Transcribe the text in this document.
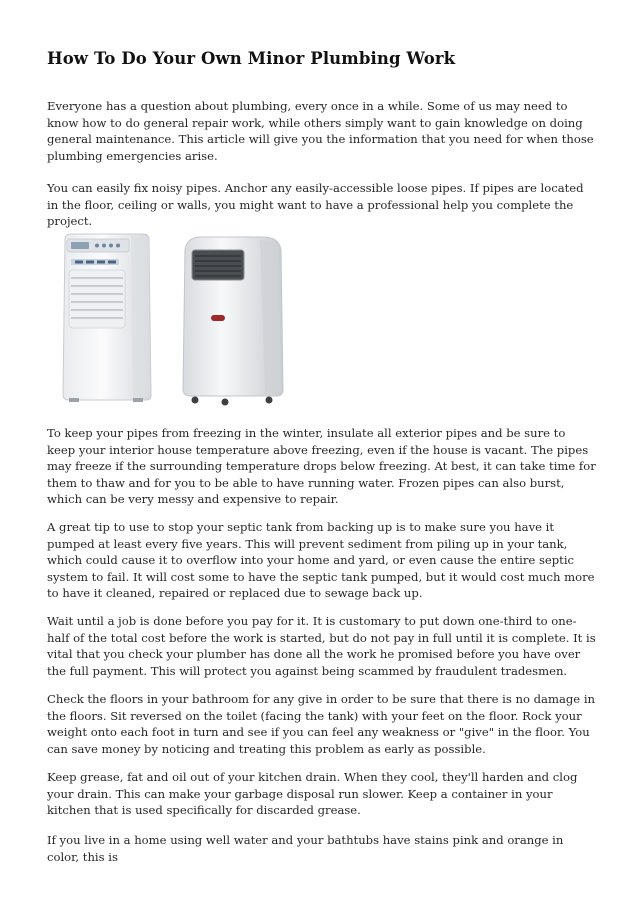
How To Do Your Own Minor Plumbing Work

Everyone has a question about plumbing, every once in a while. Some of us may need to know how to do general repair work, while others simply want to gain knowledge on doing general maintenance. This article will give you the information that you need for when those plumbing emergencies arise.

You can easily fix noisy pipes. Anchor any easily-accessible loose pipes. If pipes are located in the floor, ceiling or walls, you might want to have a professional help you complete the project.

To keep your pipes from freezing in the winter, insulate all exterior pipes and be sure to keep your interior house temperature above freezing, even if the house is vacant. The pipes may freeze if the surrounding temperature drops below freezing. At best, it can take time for them to thaw and for you to be able to have running water. Frozen pipes can also burst, which can be very messy and expensive to repair.

A great tip to use to stop your septic tank from backing up is to make sure you have it pumped at least every five years. This will prevent sediment from piling up in your tank, which could cause it to overflow into your home and yard, or even cause the entire septic system to fail. It will cost some to have the septic tank pumped, but it would cost much more to have it cleaned, repaired or replaced due to sewage back up.

Wait until a job is done before you pay for it. It is customary to put down one-third to one-half of the total cost before the work is started, but do not pay in full until it is complete. It is vital that you check your plumber has done all the work he promised before you have over the full payment. This will protect you against being scammed by fraudulent tradesmen.

Check the floors in your bathroom for any give in order to be sure that there is no damage in the floors. Sit reversed on the toilet (facing the tank) with your feet on the floor. Rock your weight onto each foot in turn and see if you can feel any weakness or "give" in the floor. You can save money by noticing and treating this problem as early as possible.

Keep grease, fat and oil out of your kitchen drain. When they cool, they'll harden and clog your drain. This can make your garbage disposal run slower. Keep a container in your kitchen that is used specifically for discarded grease.

If you live in a home using well water and your bathtubs have stains pink and orange in color, this is
